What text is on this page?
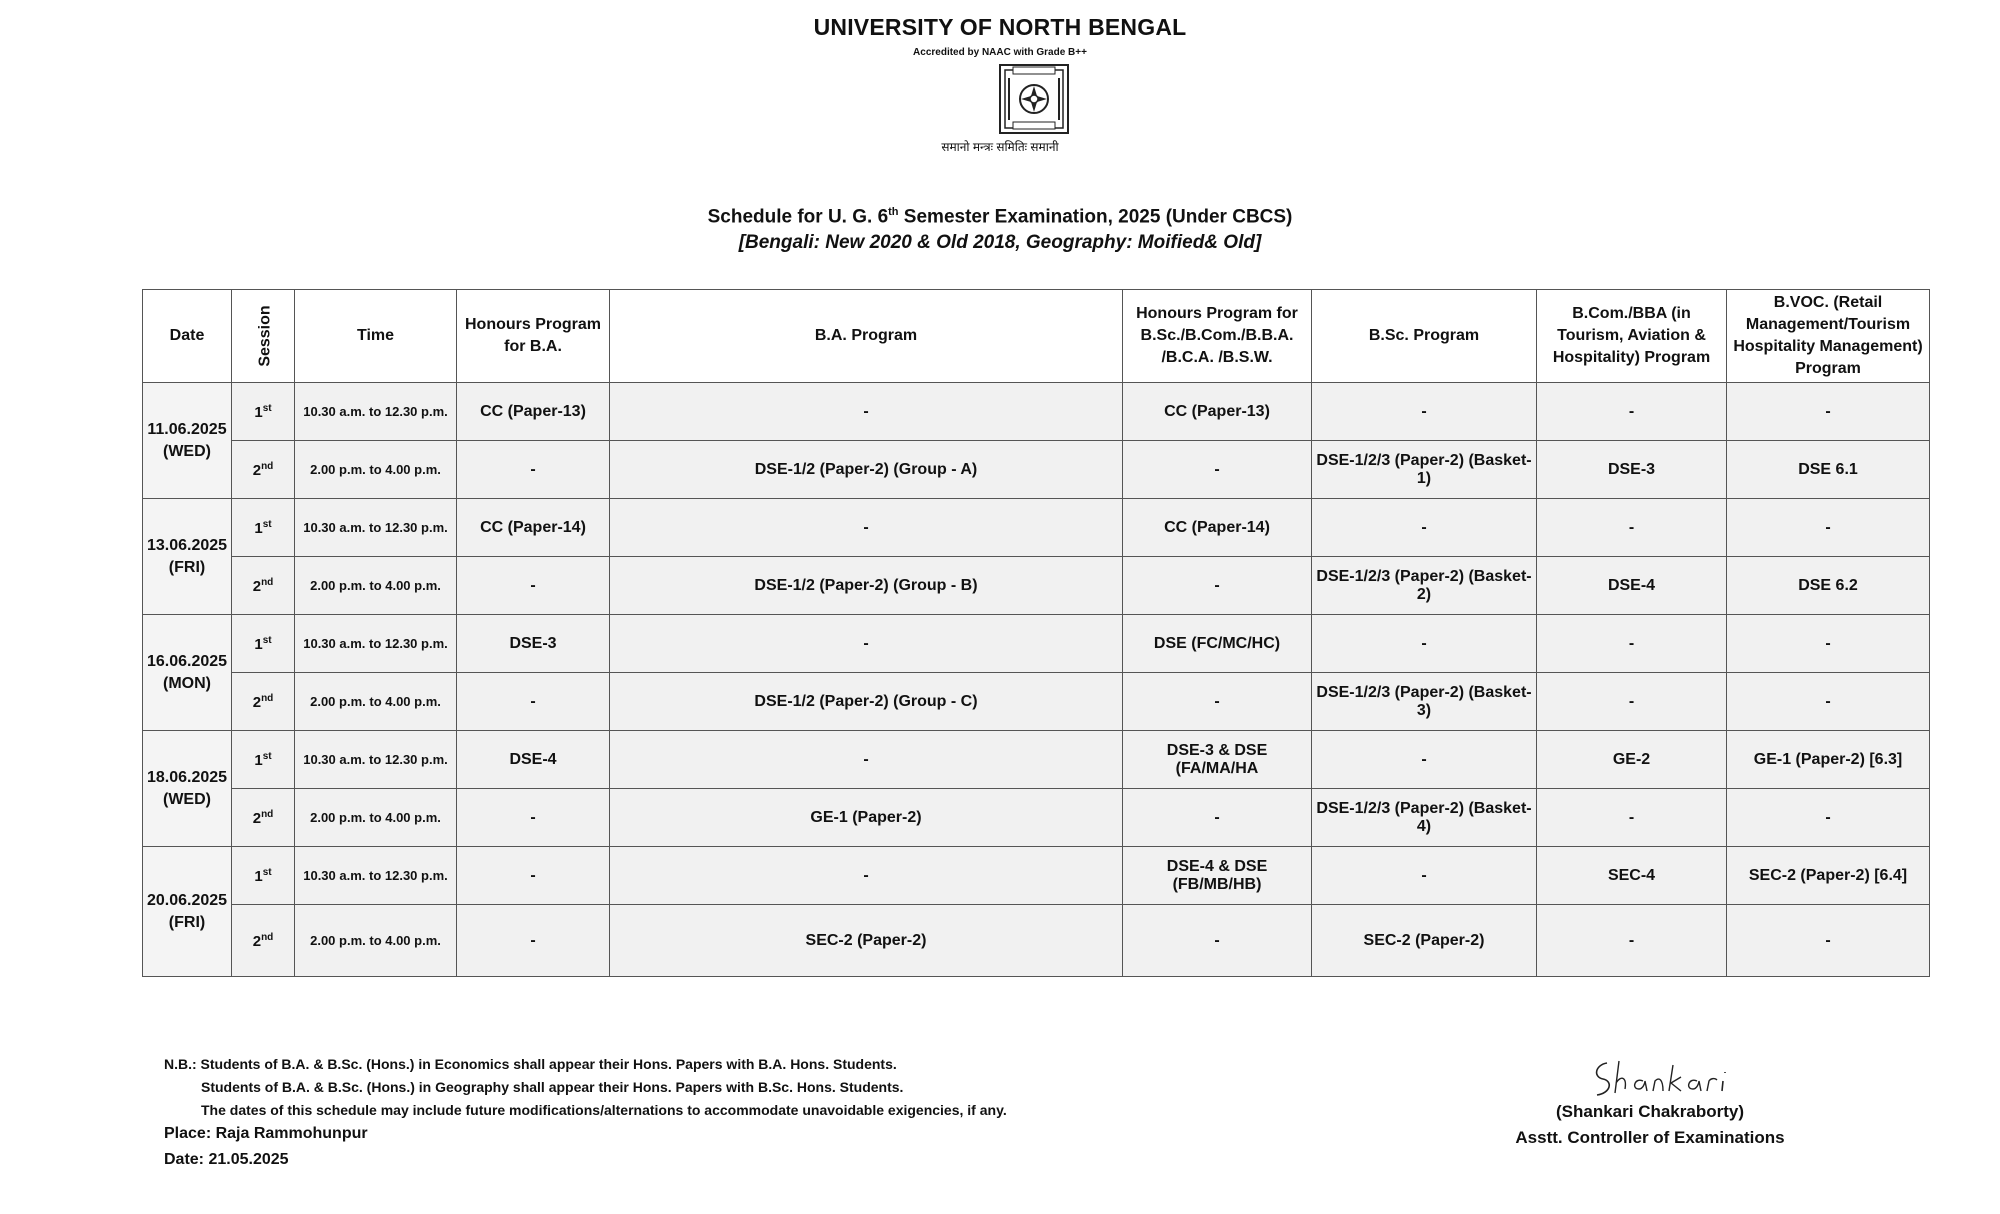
UNIVERSITY OF NORTH BENGAL
Accredited by NAAC with Grade B++
समानो मन्त्रः समितिः समानी
Schedule for U. G. 6th Semester Examination, 2025 (Under CBCS)
[Bengali: New 2020 & Old 2018, Geography: Moified& Old]
Date	Session	Time	Honours Program for B.A.	B.A. Program	Honours Program for B.Sc./B.Com./B.B.A. /B.C.A. /B.S.W.	B.Sc. Program	B.Com./BBA (in Tourism, Aviation & Hospitality) Program	B.VOC. (Retail Management/Tourism Hospitality Management) Program

11.06.2025
(WED)	1st	10.30 a.m. to 12.30 p.m.	CC (Paper-13)	-	CC (Paper-13)	-	-	-
	2nd	2.00 p.m. to 4.00 p.m.	-	DSE-1/2 (Paper-2) (Group - A)	-	DSE-1/2/3 (Paper-2) (Basket-1)	DSE-3	DSE 6.1

13.06.2025
(FRI)	1st	10.30 a.m. to 12.30 p.m.	CC (Paper-14)	-	CC (Paper-14)	-	-	-
	2nd	2.00 p.m. to 4.00 p.m.	-	DSE-1/2 (Paper-2) (Group - B)	-	DSE-1/2/3 (Paper-2) (Basket-2)	DSE-4	DSE 6.2

16.06.2025
(MON)	1st	10.30 a.m. to 12.30 p.m.	DSE-3	-	DSE (FC/MC/HC)	-	-	-
	2nd	2.00 p.m. to 4.00 p.m.	-	DSE-1/2 (Paper-2) (Group - C)	-	DSE-1/2/3 (Paper-2) (Basket-3)	-	-

18.06.2025
(WED)	1st	10.30 a.m. to 12.30 p.m.	DSE-4	-	DSE-3 & DSE (FA/MA/HA	-	GE-2	GE-1 (Paper-2) [6.3]
	2nd	2.00 p.m. to 4.00 p.m.	-	GE-1 (Paper-2)	-	DSE-1/2/3 (Paper-2) (Basket-4)	-	-

20.06.2025
(FRI)	1st	10.30 a.m. to 12.30 p.m.	-	-	DSE-4 & DSE (FB/MB/HB)	-	SEC-4	SEC-2 (Paper-2) [6.4]
	2nd	2.00 p.m. to 4.00 p.m.	-	SEC-2 (Paper-2)	-	SEC-2 (Paper-2)	-	-
N.B.: Students of B.A. & B.Sc. (Hons.) in Economics shall appear their Hons. Papers with B.A. Hons. Students.
Students of B.A. & B.Sc. (Hons.) in Geography shall appear their Hons. Papers with B.Sc. Hons. Students.
The dates of this schedule may include future modifications/alternations to accommodate unavoidable exigencies, if any.
Place: Raja Rammohunpur
Date: 21.05.2025
(Shankari Chakraborty)
Asstt. Controller of Examinations
